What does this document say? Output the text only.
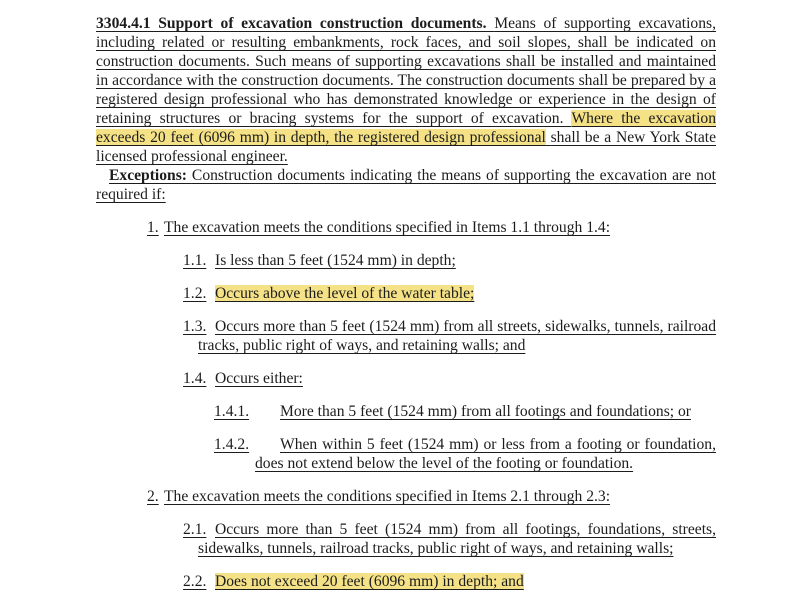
3304.4.1 Support of excavation construction documents. Means of supporting excavations, including related or resulting embankments, rock faces, and soil slopes, shall be indicated on construction documents. Such means of supporting excavations shall be installed and maintained in accordance with the construction documents. The construction documents shall be prepared by a registered design professional who has demonstrated knowledge or experience in the design of retaining structures or bracing systems for the support of excavation. Where the excavation exceeds 20 feet (6096 mm) in depth, the registered design professional shall be a New York State licensed professional engineer.

Exceptions: Construction documents indicating the means of supporting the excavation are not required if:

1. The excavation meets the conditions specified in Items 1.1 through 1.4:
1.1. Is less than 5 feet (1524 mm) in depth;
1.2. Occurs above the level of the water table;
1.3. Occurs more than 5 feet (1524 mm) from all streets, sidewalks, tunnels, railroad tracks, public right of ways, and retaining walls; and
1.4. Occurs either:
1.4.1. More than 5 feet (1524 mm) from all footings and foundations; or
1.4.2. When within 5 feet (1524 mm) or less from a footing or foundation, does not extend below the level of the footing or foundation.
2. The excavation meets the conditions specified in Items 2.1 through 2.3:
2.1. Occurs more than 5 feet (1524 mm) from all footings, foundations, streets, sidewalks, tunnels, railroad tracks, public right of ways, and retaining walls;
2.2. Does not exceed 20 feet (6096 mm) in depth; and
